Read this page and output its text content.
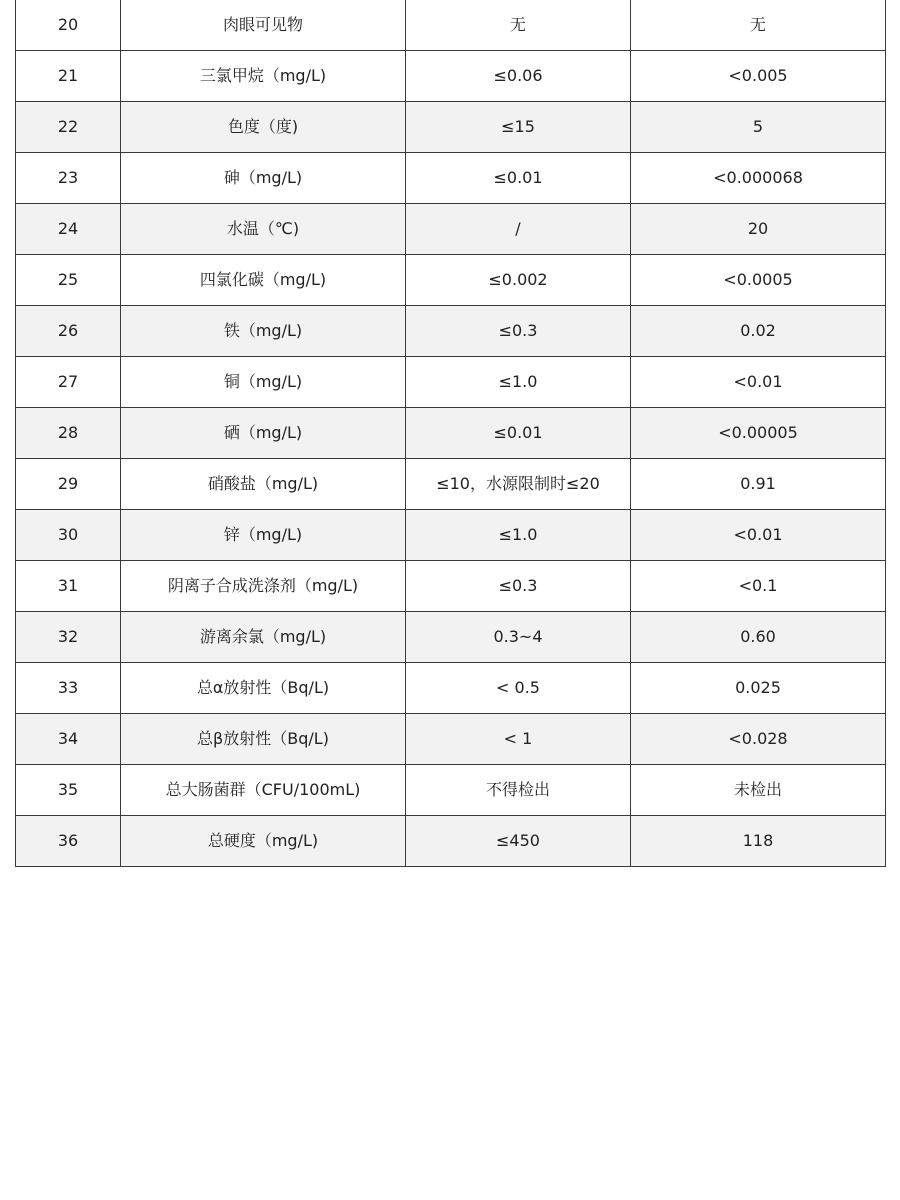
20	肉眼可见物	无	无
21	三氯甲烷（mg/L)	≤0.06	<0.005
22	色度（度)	≤15	5
23	砷（mg/L)	≤0.01	<0.000068
24	水温（℃)	/	20
25	四氯化碳（mg/L)	≤0.002	<0.0005
26	铁（mg/L)	≤0.3	0.02
27	铜（mg/L)	≤1.0	<0.01
28	硒（mg/L)	≤0.01	<0.00005
29	硝酸盐（mg/L)	≤10，水源限制时≤20	0.91
30	锌（mg/L)	≤1.0	<0.01
31	阴离子合成洗涤剂（mg/L)	≤0.3	<0.1
32	游离余氯（mg/L)	0.3~4	0.60
33	总α放射性（Bq/L)	< 0.5	0.025
34	总β放射性（Bq/L)	< 1	<0.028
35	总大肠菌群（CFU/100mL)	不得检出	未检出
36	总硬度（mg/L)	≤450	118
